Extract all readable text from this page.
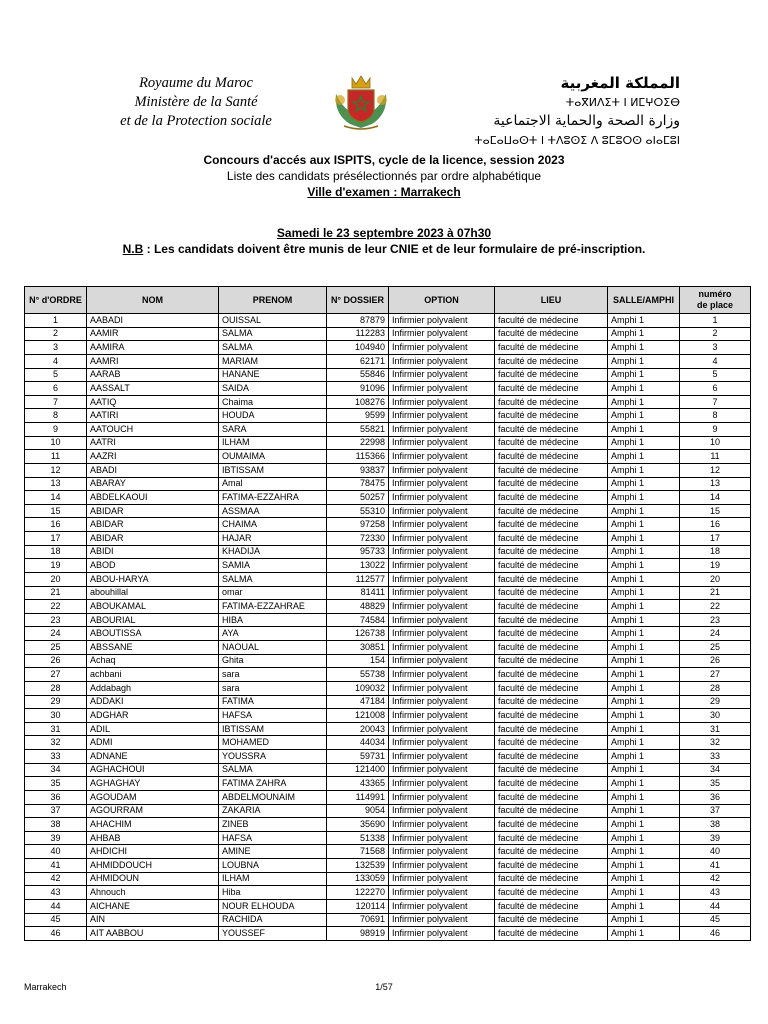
Royaume du Maroc
Ministère de la Santé
et de la Protection sociale
المملكة المغربية
ⵜⴰⴳⵍⴷⵉⵜ ⵏ ⵍⵎⵖⵔⵉⴱ
وزارة الصحة والحماية الاجتماعية
ⵜⴰⵎⴰⵡⴰⵙⵜ ⵏ ⵜⴷⵓⵙⵉ ⴷ ⵓⵎⵓⵔⵙ ⴰⵏⴰⵎⵓⵏ
Concours d'accés aux ISPITS, cycle de la licence, session 2023
Liste des candidats présélectionnés par ordre alphabétique
Ville d'examen : Marrakech
Samedi le 23 septembre 2023 à 07h30
N.B : Les candidats doivent être munis de leur CNIE et de leur formulaire de pré-inscription.
N° d'ORDRE	NOM	PRENOM	N° DOSSIER	OPTION	LIEU	SALLE/AMPHI	numéro
de place

1	AABADI	OUISSAL	87879	Infirmier polyvalent	faculté de médecine	Amphi 1	1
2	AAMIR	SALMA	112283	Infirmier polyvalent	faculté de médecine	Amphi 1	2
3	AAMIRA	SALMA	104940	Infirmier polyvalent	faculté de médecine	Amphi 1	3
4	AAMRI	MARIAM	62171	Infirmier polyvalent	faculté de médecine	Amphi 1	4
5	AARAB	HANANE	55846	Infirmier polyvalent	faculté de médecine	Amphi 1	5
6	AASSALT	SAIDA	91096	Infirmier polyvalent	faculté de médecine	Amphi 1	6
7	AATIQ	Chaima	108276	Infirmier polyvalent	faculté de médecine	Amphi 1	7
8	AATIRI	HOUDA	9599	Infirmier polyvalent	faculté de médecine	Amphi 1	8
9	AATOUCH	SARA	55821	Infirmier polyvalent	faculté de médecine	Amphi 1	9
10	AATRI	ILHAM	22998	Infirmier polyvalent	faculté de médecine	Amphi 1	10
11	AAZRI	OUMAIMA	115366	Infirmier polyvalent	faculté de médecine	Amphi 1	11
12	ABADI	IBTISSAM	93837	Infirmier polyvalent	faculté de médecine	Amphi 1	12
13	ABARAY	Amal	78475	Infirmier polyvalent	faculté de médecine	Amphi 1	13
14	ABDELKAOUI	FATIMA-EZZAHRA	50257	Infirmier polyvalent	faculté de médecine	Amphi 1	14
15	ABIDAR	ASSMAA	55310	Infirmier polyvalent	faculté de médecine	Amphi 1	15
16	ABIDAR	CHAIMA	97258	Infirmier polyvalent	faculté de médecine	Amphi 1	16
17	ABIDAR	HAJAR	72330	Infirmier polyvalent	faculté de médecine	Amphi 1	17
18	ABIDI	KHADIJA	95733	Infirmier polyvalent	faculté de médecine	Amphi 1	18
19	ABOD	SAMIA	13022	Infirmier polyvalent	faculté de médecine	Amphi 1	19
20	ABOU-HARYA	SALMA	112577	Infirmier polyvalent	faculté de médecine	Amphi 1	20
21	abouhillal	omar	81411	Infirmier polyvalent	faculté de médecine	Amphi 1	21
22	ABOUKAMAL	FATIMA-EZZAHRAE	48829	Infirmier polyvalent	faculté de médecine	Amphi 1	22
23	ABOURIAL	HIBA	74584	Infirmier polyvalent	faculté de médecine	Amphi 1	23
24	ABOUTISSA	AYA	126738	Infirmier polyvalent	faculté de médecine	Amphi 1	24
25	ABSSANE	NAOUAL	30851	Infirmier polyvalent	faculté de médecine	Amphi 1	25
26	Achaq	Ghita	154	Infirmier polyvalent	faculté de médecine	Amphi 1	26
27	achbani	sara	55738	Infirmier polyvalent	faculté de médecine	Amphi 1	27
28	Addabagh	sara	109032	Infirmier polyvalent	faculté de médecine	Amphi 1	28
29	ADDAKI	FATIMA	47184	Infirmier polyvalent	faculté de médecine	Amphi 1	29
30	ADGHAR	HAFSA	121008	Infirmier polyvalent	faculté de médecine	Amphi 1	30
31	ADIL	IBTISSAM	20043	Infirmier polyvalent	faculté de médecine	Amphi 1	31
32	ADMI	MOHAMED	44034	Infirmier polyvalent	faculté de médecine	Amphi 1	32
33	ADNANE	YOUSSRA	59731	Infirmier polyvalent	faculté de médecine	Amphi 1	33
34	AGHACHOUI	SALMA	121400	Infirmier polyvalent	faculté de médecine	Amphi 1	34
35	AGHAGHAY	FATIMA ZAHRA	43365	Infirmier polyvalent	faculté de médecine	Amphi 1	35
36	AGOUDAM	ABDELMOUNAIM	114991	Infirmier polyvalent	faculté de médecine	Amphi 1	36
37	AGOURRAM	ZAKARIA	9054	Infirmier polyvalent	faculté de médecine	Amphi 1	37
38	AHACHIM	ZINEB	35690	Infirmier polyvalent	faculté de médecine	Amphi 1	38
39	AHBAB	HAFSA	51338	Infirmier polyvalent	faculté de médecine	Amphi 1	39
40	AHDICHI	AMINE	71568	Infirmier polyvalent	faculté de médecine	Amphi 1	40
41	AHMIDDOUCH	LOUBNA	132539	Infirmier polyvalent	faculté de médecine	Amphi 1	41
42	AHMIDOUN	ILHAM	133059	Infirmier polyvalent	faculté de médecine	Amphi 1	42
43	Ahnouch	Hiba	122270	Infirmier polyvalent	faculté de médecine	Amphi 1	43
44	AICHANE	NOUR ELHOUDA	120114	Infirmier polyvalent	faculté de médecine	Amphi 1	44
45	AIN	RACHIDA	70691	Infirmier polyvalent	faculté de médecine	Amphi 1	45
46	AIT AABBOU	YOUSSEF	98919	Infirmier polyvalent	faculté de médecine	Amphi 1	46
Marrakech	1/57
